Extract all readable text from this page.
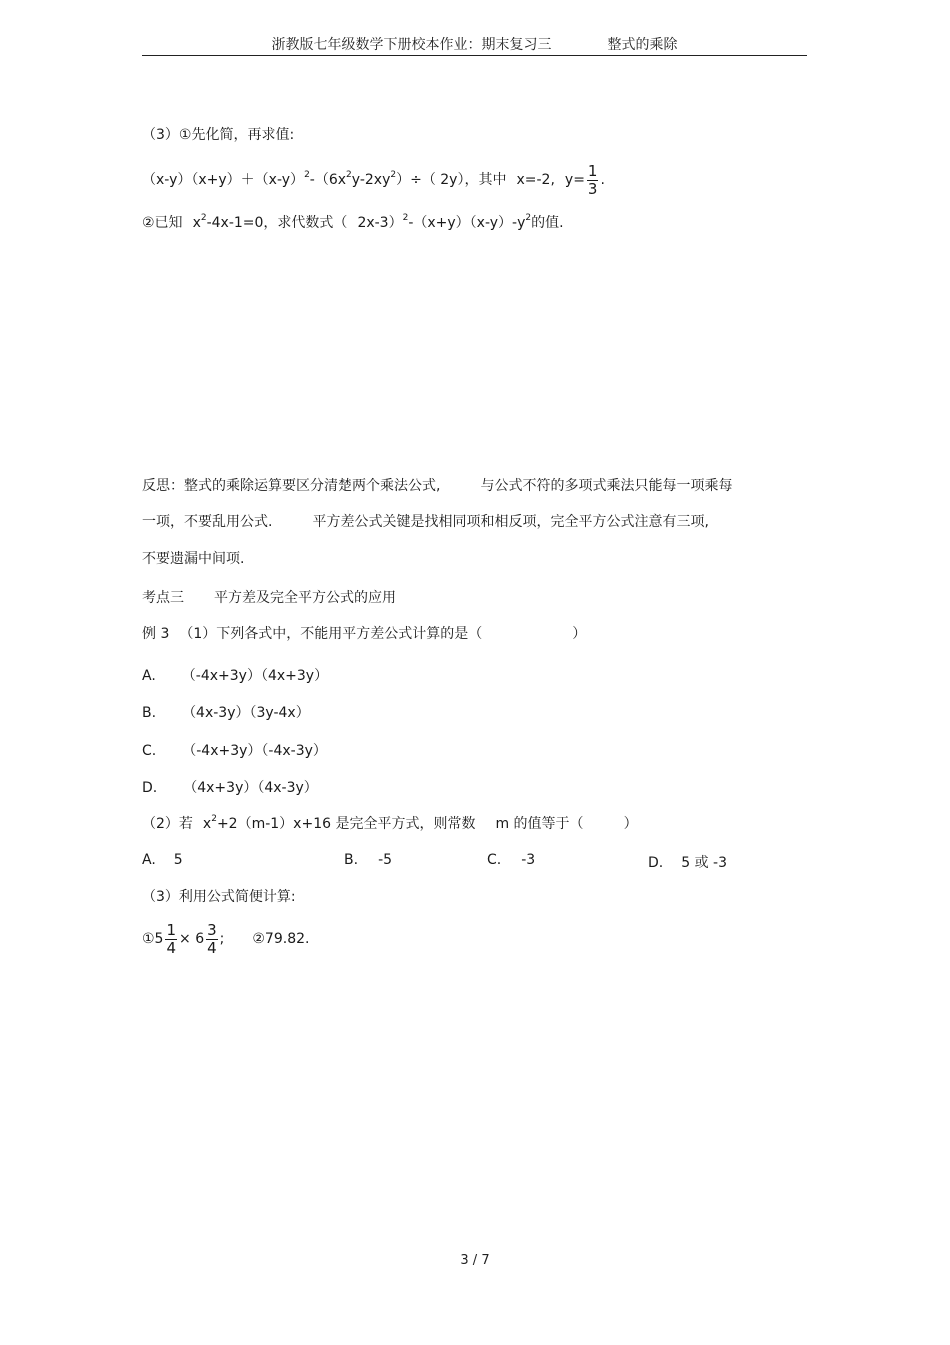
浙教版七年级数学下册校本作业：期末复习三	整式的乘除
（3）①先化简，再求值:
$(x-y)(x+y)+(x-y)^2-(6x^2y-2xy^2)\div$（ 2y），其中 x=-2, $y= \frac{1}{3}$ .
②已知 $x^2-4x-1=0$，求代数式（ $2x-3)^2-(x+y)(x-y)-y^2$的值.
反思：整式的乘除运算要区分清楚两个乘法公式,	与公式不符的多项式乘法只能每一项乘每
一项，不要乱用公式.	平方差公式关键是找相同项和相反项，完全平方公式注意有三项,
不要遗漏中间项.
考点三 平方差及完全平方公式的应用
例 3 （1）下列各式中，不能用平方差公式计算的是（	）
A. （-4x+3y）（4x+3y）
B. （4x-3y）（3y-4x）
C. （-4x+3y）（-4x-3y）
D. （4x+3y）（4x-3y）
（2）若 $x^2+2(m-1)x+16$ 是完全平方式，则常数 m 的值等于（	）
A. 5	B. -5	C. -3	D. 5 或 -3
（3）利用公式简便计算:
①5 $\frac{1}{4} \times 6 \frac{3}{4}$ ; ②79.82.
3 / 7
